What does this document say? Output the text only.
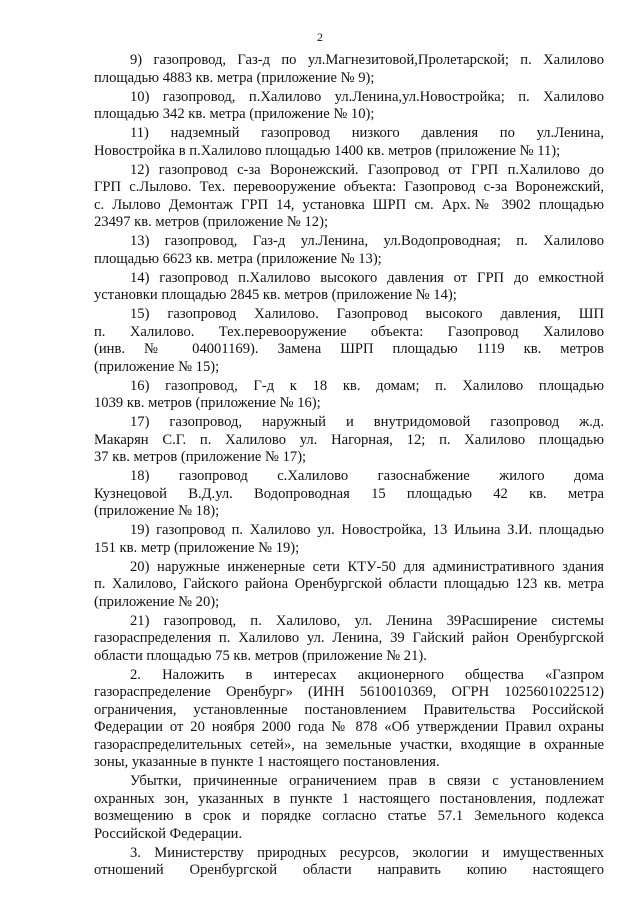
2
9) газопровод, Газ-д по ул.Магнезитовой,Пролетарской; п. Халилово
площадью 4883 кв. метра (приложение № 9);
10) газопровод, п.Халилово ул.Ленина,ул.Новостройка; п. Халилово
площадью 342 кв. метра (приложение № 10);
11) надземный газопровод низкого давления по ул.Ленина,
Новостройка в п.Халилово площадью 1400 кв. метров (приложение № 11);
12) газопровод с-за Воронежский. Газопровод от ГРП п.Халилово до
ГРП с.Лылово. Тех. перевооружение объекта: Газопровод с-за Воронежский,
с. Лылово Демонтаж ГРП 14, установка ШРП см. Арх.№ 3902 площадью
23497 кв. метров (приложение № 12);
13) газопровод, Газ-д ул.Ленина, ул.Водопроводная; п. Халилово
площадью 6623 кв. метра (приложение № 13);
14) газопровод п.Халилово высокого давления от ГРП до емкостной
установки площадью 2845 кв. метров (приложение № 14);
15) газопровод Халилово. Газопровод высокого давления, ШП
п. Халилово. Тех.перевооружение объекта: Газопровод Халилово
(инв. № 04001169). Замена ШРП площадью 1119 кв. метров
(приложение № 15);
16) газопровод, Г-д к 18 кв. домам; п. Халилово площадью
1039 кв. метров (приложение № 16);
17) газопровод, наружный и внутридомовой газопровод ж.д.
Макарян С.Г. п. Халилово ул. Нагорная, 12; п. Халилово площадью
37 кв. метров (приложение № 17);
18) газопровод с.Халилово газоснабжение жилого дома
Кузнецовой В.Д.ул. Водопроводная 15 площадью 42 кв. метра
(приложение № 18);
19) газопровод п. Халилово ул. Новостройка, 13 Ильина З.И. площадью
151 кв. метр (приложение № 19);
20) наружные инженерные сети КТУ-50 для административного здания
п. Халилово, Гайского района Оренбургской области площадью 123 кв. метра
(приложение № 20);
21) газопровод, п. Халилово, ул. Ленина 39Расширение системы
газораспределения п. Халилово ул. Ленина, 39 Гайский район Оренбургской
области площадью 75 кв. метров (приложение № 21).
2. Наложить в интересах акционерного общества «Газпром
газораспределение Оренбург» (ИНН 5610010369, ОГРН 1025601022512)
ограничения, установленные постановлением Правительства Российской
Федерации от 20 ноября 2000 года № 878 «Об утверждении Правил охраны
газораспределительных сетей», на земельные участки, входящие в охранные
зоны, указанные в пункте 1 настоящего постановления.
Убытки, причиненные ограничением прав в связи с установлением
охранных зон, указанных в пункте 1 настоящего постановления, подлежат
возмещению в срок и порядке согласно статье 57.1 Земельного кодекса
Российской Федерации.
3. Министерству природных ресурсов, экологии и имущественных
отношений Оренбургской области направить копию настоящего
